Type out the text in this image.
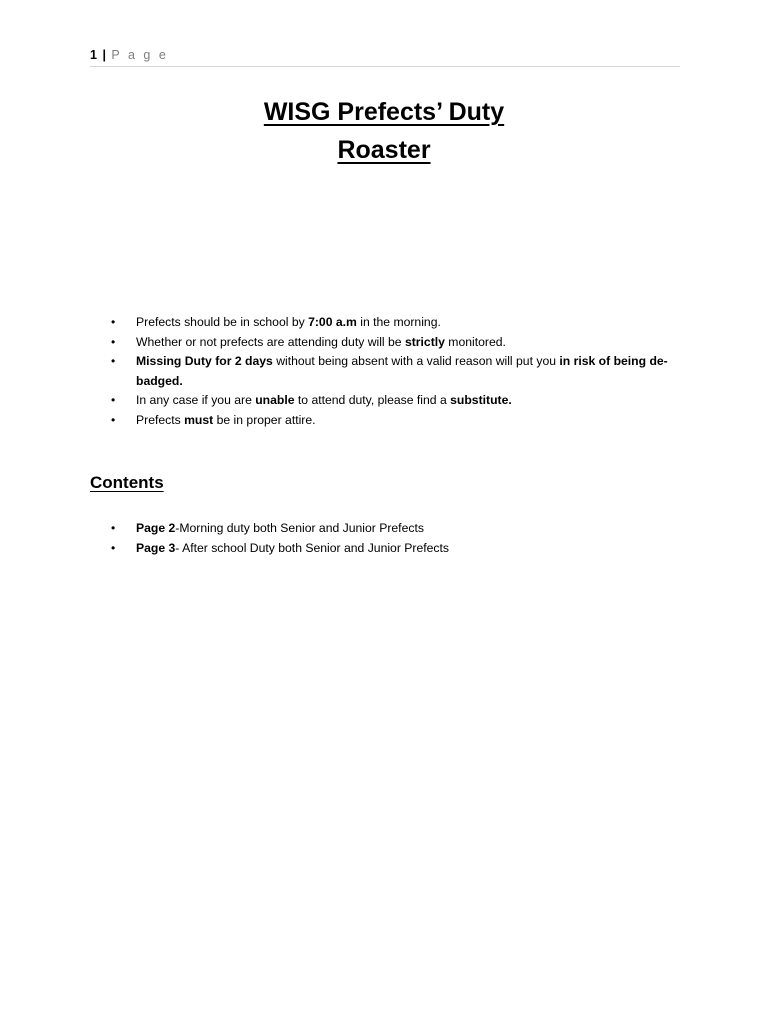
1 | P a g e
WISG Prefects’ Duty
Roaster
• Prefects should be in school by 7:00 a.m in the morning.
• Whether or not prefects are attending duty will be strictly monitored.
• Missing Duty for 2 days without being absent with a valid reason will put you in risk of being de-badged.
• In any case if you are unable to attend duty, please find a substitute.
• Prefects must be in proper attire.
Contents
• Page 2-Morning duty both Senior and Junior Prefects
• Page 3- After school Duty both Senior and Junior Prefects
